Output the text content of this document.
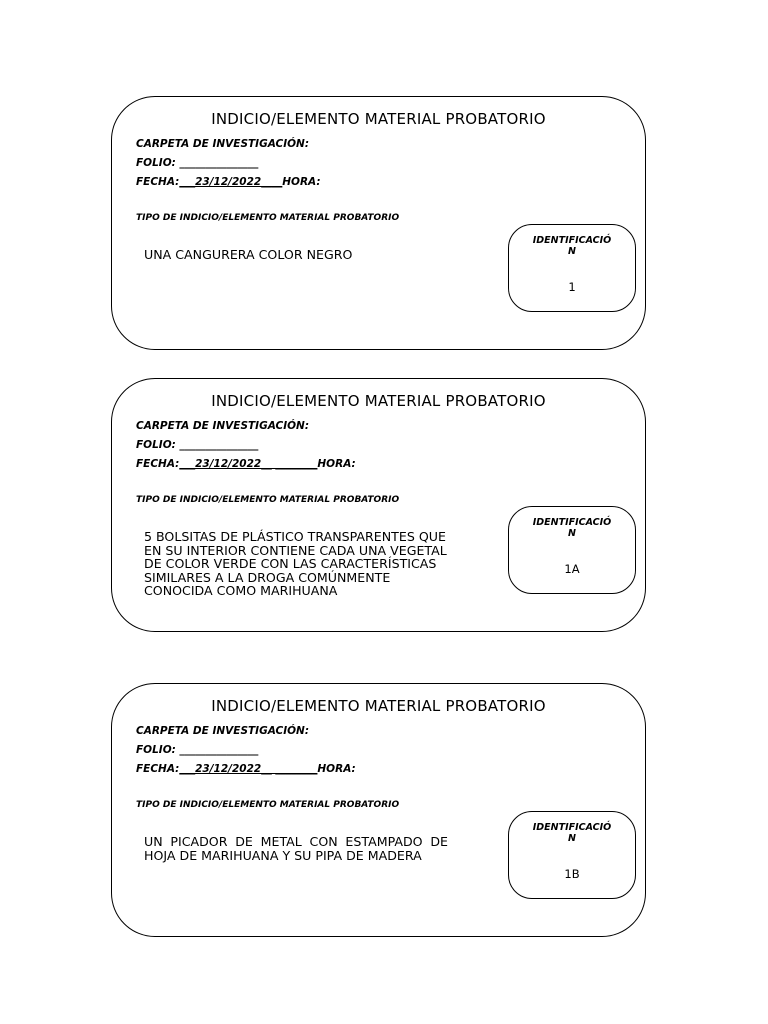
INDICIO/ELEMENTO MATERIAL PROBATORIO
CARPETA DE INVESTIGACIÓN:
FOLIO: _______________
FECHA:___23/12/2022____HORA:
TIPO DE INDICIO/ELEMENTO MATERIAL PROBATORIO
UNA CANGURERA COLOR NEGRO
IDENTIFICACIÓ
N
1
INDICIO/ELEMENTO MATERIAL PROBATORIO
CARPETA DE INVESTIGACIÓN:
FOLIO: _______________
FECHA:___23/12/2022__ ________HORA:
TIPO DE INDICIO/ELEMENTO MATERIAL PROBATORIO
5 BOLSITAS DE PLÁSTICO TRANSPARENTES QUE EN SU INTERIOR CONTIENE CADA UNA VEGETAL DE COLOR VERDE CON LAS CARACTERÍSTICAS SIMILARES A LA DROGA COMÚNMENTE CONOCIDA COMO MARIHUANA
IDENTIFICACIÓ
N
1A
INDICIO/ELEMENTO MATERIAL PROBATORIO
CARPETA DE INVESTIGACIÓN:
FOLIO: _______________
FECHA:___23/12/2022__ ________HORA:
TIPO DE INDICIO/ELEMENTO MATERIAL PROBATORIO
UN PICADOR DE METAL CON ESTAMPADO DE HOJA DE MARIHUANA Y SU PIPA DE MADERA
IDENTIFICACIÓ
N
1B
